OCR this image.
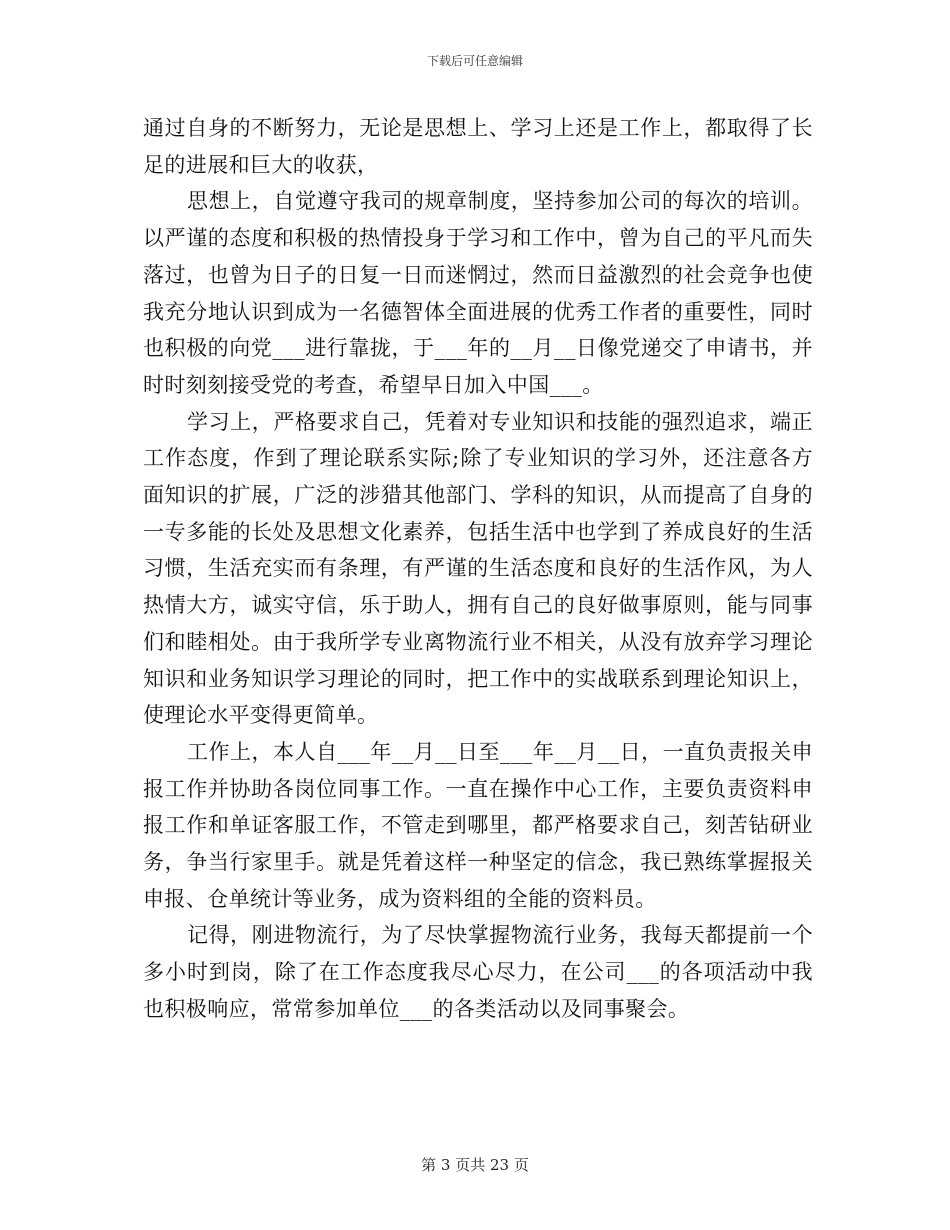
下载后可任意编辑

通过自身的不断努力，无论是思想上、学习上还是工作上，都取得了长足的进展和巨大的收获，

思想上，自觉遵守我司的规章制度，坚持参加公司的每次的培训。以严谨的态度和积极的热情投身于学习和工作中，曾为自己的平凡而失落过，也曾为日子的日复一日而迷惘过，然而日益激烈的社会竞争也使我充分地认识到成为一名德智体全面进展的优秀工作者的重要性，同时也积极的向党___进行靠拢，于___年的__月__日像党递交了申请书，并时时刻刻接受党的考查，希望早日加入中国___。

学习上，严格要求自己，凭着对专业知识和技能的强烈追求，端正工作态度，作到了理论联系实际;除了专业知识的学习外，还注意各方面知识的扩展，广泛的涉猎其他部门、学科的知识，从而提高了自身的一专多能的长处及思想文化素养，包括生活中也学到了养成良好的生活习惯，生活充实而有条理，有严谨的生活态度和良好的生活作风，为人热情大方，诚实守信，乐于助人，拥有自己的良好做事原则，能与同事们和睦相处。由于我所学专业离物流行业不相关，从没有放弃学习理论知识和业务知识学习理论的同时，把工作中的实战联系到理论知识上，使理论水平变得更简单。

工作上，本人自___年__月__日至___年__月__日，一直负责报关申报工作并协助各岗位同事工作。一直在操作中心工作，主要负责资料申报工作和单证客服工作，不管走到哪里，都严格要求自己，刻苦钻研业务，争当行家里手。就是凭着这样一种坚定的信念，我已熟练掌握报关申报、仓单统计等业务，成为资料组的全能的资料员。

记得，刚进物流行，为了尽快掌握物流行业务，我每天都提前一个多小时到岗，除了在工作态度我尽心尽力，在公司___的各项活动中我也积极响应，常常参加单位___的各类活动以及同事聚会。

第 3 页共 23 页
